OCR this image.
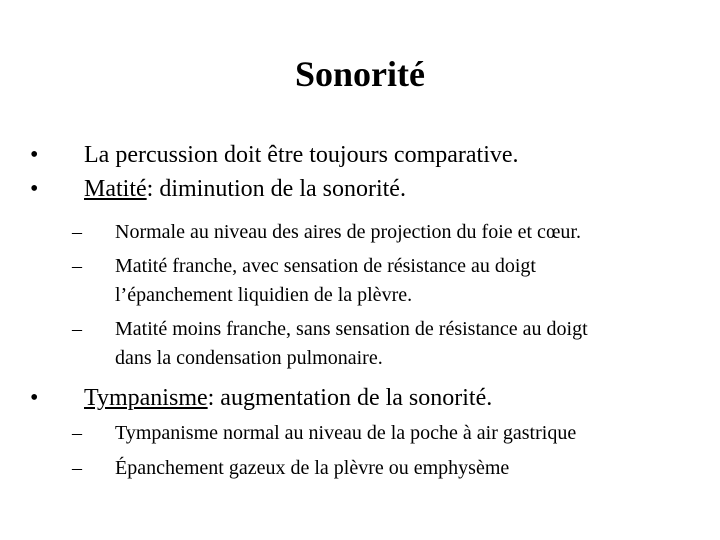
Sonorité
• La percussion doit être toujours comparative.
• Matité: diminution de la sonorité.
– Normale au niveau des aires de projection du foie et cœur.
– Matité franche, avec sensation de résistance au doigt
l’épanchement liquidien de la plèvre.
– Matité moins franche, sans sensation de résistance au doigt
dans la condensation pulmonaire.
• Tympanisme: augmentation de la sonorité.
– Tympanisme normal au niveau de la poche à air gastrique
– Épanchement gazeux de la plèvre ou emphysème
